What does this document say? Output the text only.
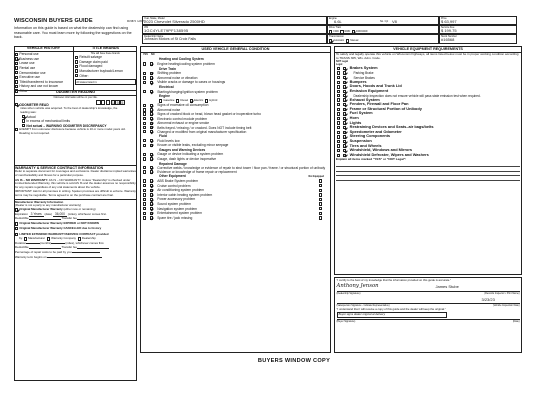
WISCONSIN BUYERS GUIDE	MV2872  1/2015
Information on this guide is based on what the dealership can find using reasonable care. You must learn more by following the suggestions on the back.
Year, Make, Model
2023 Chevrolet Silverado 2500HD
VIN
1GC4YLE79PF138595
Dealership Name
Johnson Motors of St Croix Falls
Engine
6.6L	No. Cyl V8
Drive Train
FWD
RWD
4WD/AWD
Transmission
Automatic
	Manual
Price
$ 63,997
Service Fee
$ 199.75
Stock Number
#16568
VEHICLE HISTORY
Personal use
Business use
Lease use
Rental use
Demonstrator use
Executive use
Titled/transferred to insurance
History and use not known
Other
TITLE BRANDS
Title will have these brands:
Rebuilt salvage
Damage claim paid
Flood damaged
Manufacturer buyback/Lemon
Other:
All states listed in:
ODOMETER READING
Odometer information will be on your title.
1 5 5
ODOMETER READ
miles when vehicle was acquired. To the best of dealership's knowledge, the reading was:
Actual
In excess of mechanical limits
Not actual – WARNING ODOMETER DISCREPANCY
EXEMPT from odometer disclosure because vehicle is 10 or more model years old. Reading is not required.
WARRANTY & SERVICE CONTRACT INFORMATION
Refer to separate document for coverages and exclusions. Dealer disclaims implied warranties of merchantability and fitness for a particular purpose.
AS IS – NO WARRANTY. AS IS – NO WARRANTY. Unless "Dealership" is checked under Limited Extended Warranty, this vehicle is sold AS IS and the dealer assumes no responsibility for any repairs regardless of any oral statements about the vehicle.
IMPORTANT: Ask for all promises in writing. Spoken promises are difficult to enforce. Warranty terms may be negotiable. Terms agreed to on the purchase contract are final.
Manufacturer Warranty Information
(Dealer is not a party to any manufacturer warranty)
Original Manufacturer Warranty
(either new or remaining)
Expiration
3 Years
(date)
36,000
(miles), whichever comes first.
Deductible
	Transfer fee
Original Manufacturer Warranty EXPIRED or NOT KNOWN
Original Manufacturer Warranty CANCELLED due to history
LIMITED EXTENDED WARRANTY/SERVICE CONTRACT provided
by:
Manufacturer
Warranty Company
Dealership
Duration	(months)	(miles), whichever comes first.
Deductible
	Transfer fee
Percentage of repair costs to be paid by you
Warranty term begins on
USED VEHICLE GENERAL CONDITION
YES	NO
Heating and Cooling System
Engine heating/cooling system problem
Drive Train
Shifting problem
Abnormal noise or vibration
Visible cracks or damage to cases or housings
Electrical
Starting/charging/ignition system problem
Engine
Gasoline
Diesel
Electric
Hybrid

Signs of excessive oil consumption
Abnormal noise
Signs of cracked block or head, blown head gasket or inoperative turbo
Electronic control module problem
Abnormal exhaust or engine smoke
Belts frayed / missing / or cracked. Does NOT include timing belt
Changed or modified from original manufacturer specification
Fluid
Fluid levels low
Known or visible leaks, excluding minor seepage
Gauges and Warning Devices
Gauge or device indicating a system problem
Gauge, dash lights or device inoperative
Repaired Damage
Corrective welds / knowledge or evidence of repair to strut tower / floor pan / frame / or structural portion of unibody
Evidence or knowledge of frame repair or replacement
Other Equipment	Not Equipped
ABS Brake System problem
Cruise control problem
Air conditioning system problem
Interior cabin heating system problem
Power accessory problem
Sound system problem
Navigation system problem
Entertainment system problem
Spare tire / jack missing
VEHICLE EQUIPMENT REQUIREMENTS
To safely and legally operate this vehicle on Wisconsin highways, all items listed below must be in proper working condition according to TRANS 305, Wis. Adm. Code.
NOT Legal
Legal
Brakes System
Parking Brake
Service Brakes
Bumpers
Doors, Hoods and Trunk Lid
Emission Equipment
Dealership inspection does not ensure vehicle will pass state emission test when required.
Exhaust System
Fenders, Firewall and Floor Pan
Frame or Structural Portion of Unibody
Fuel System
Horn
Lights
Restraining Devices and Seats–air bags/belts
Speedometer and Odometer
Steering Components
Suspension
Tires and Wheels
Windshield, Windows and Mirrors
Windshield Defroster, Wipers and Washers
Explain all items marked "YES" or "NOT Legal":
"I certify to the best of my knowledge that the information provided on this guide is accurate."
Anthony Jenson	James Stube
(Dealership Signature)	(Records Inspector • Print Name)
3/23/23
(Salesperson Signature - Indicate Representative)	(Vehicle Inspection Date)
"I understand that I will receive a copy of this guide and the dealer will keep the original."
Buyer signs dealer original at delivery
(Buyer Signature)	(Date)
BUYERS WINDOW COPY
